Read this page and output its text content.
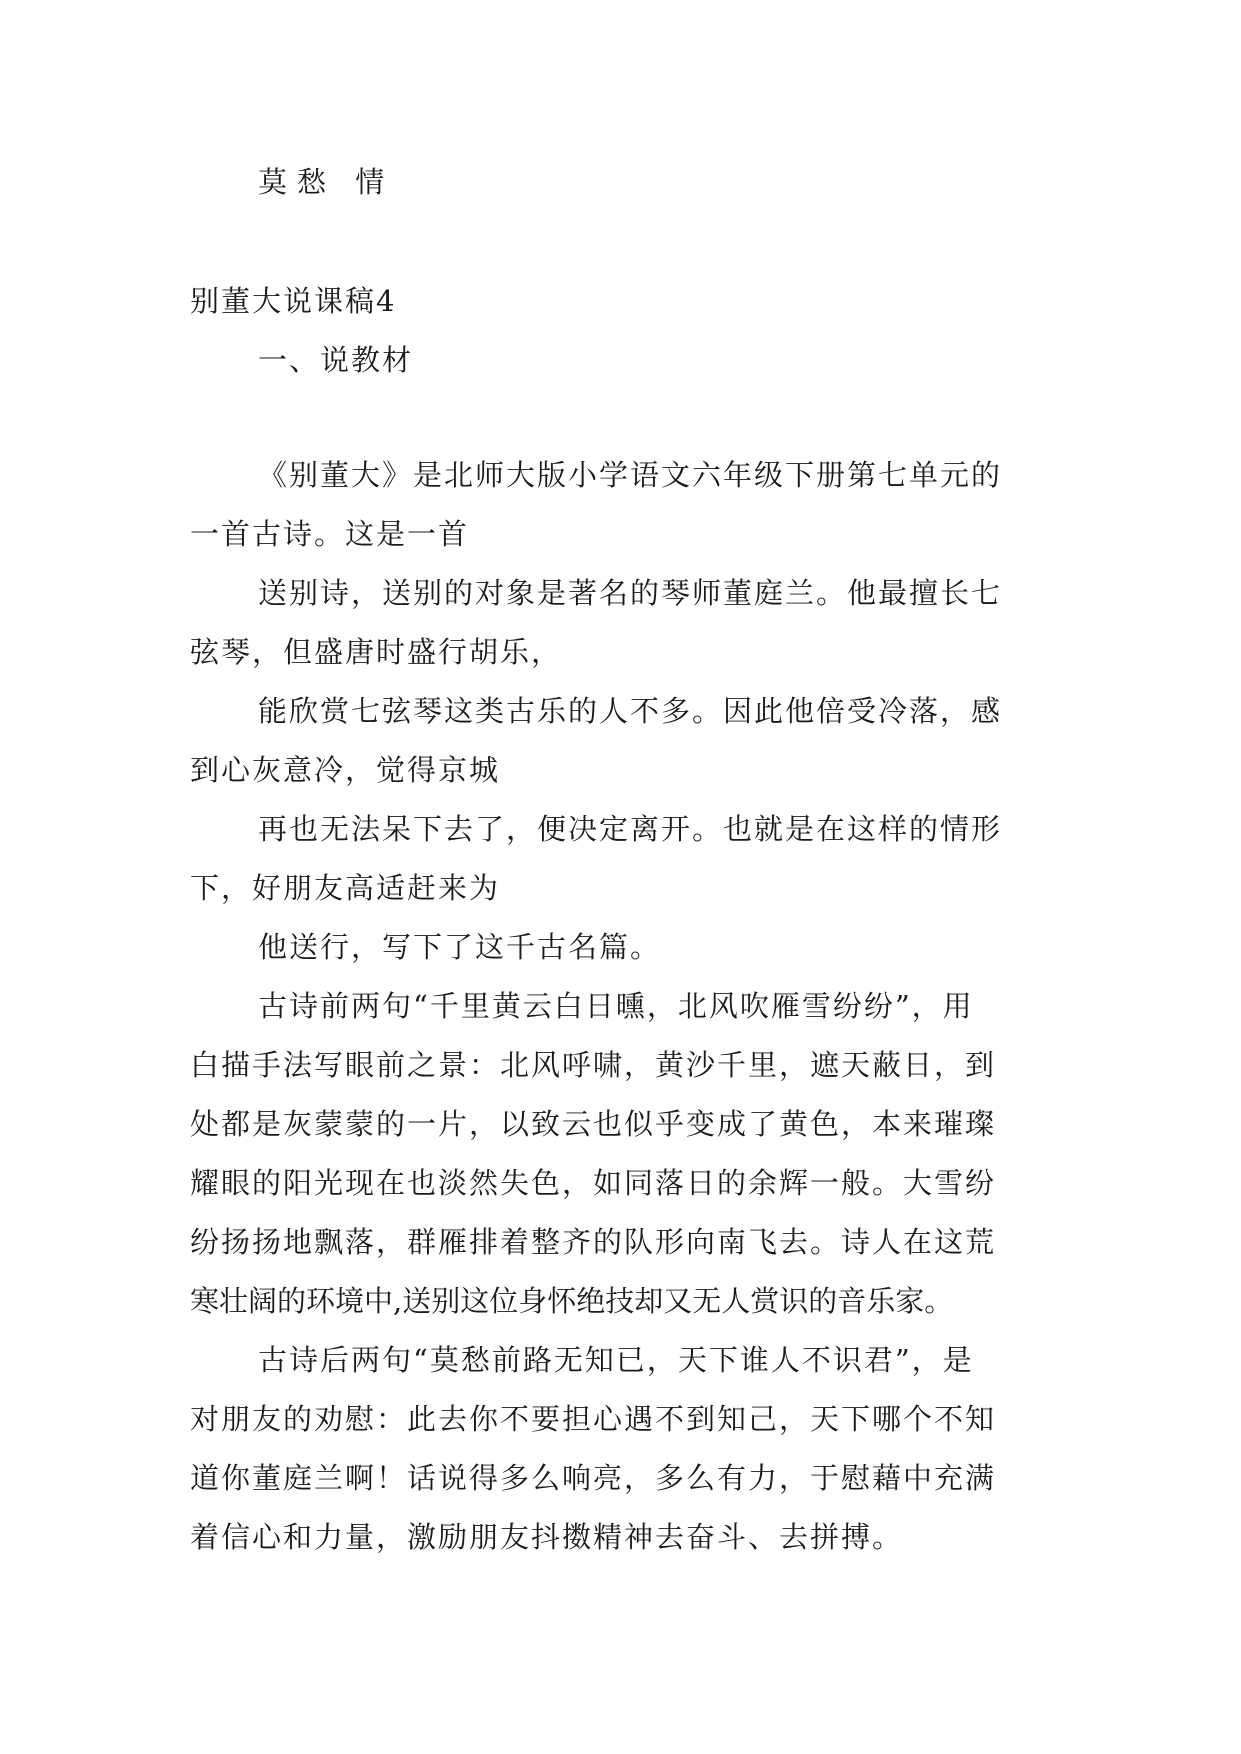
莫愁 情
别董大说课稿4
一、说教材
《别董大》是北师大版小学语文六年级下册第七单元的
一首古诗。这是一首
送别诗，送别的对象是著名的琴师董庭兰。他最擅长七
弦琴，但盛唐时盛行胡乐，
能欣赏七弦琴这类古乐的人不多。因此他倍受冷落，感
到心灰意冷，觉得京城
再也无法呆下去了，便决定离开。也就是在这样的情形
下，好朋友高适赶来为
他送行，写下了这千古名篇。
古诗前两句“千里黄云白日曛，北风吹雁雪纷纷”，用
白描手法写眼前之景：北风呼啸，黄沙千里，遮天蔽日，到
处都是灰蒙蒙的一片，以致云也似乎变成了黄色，本来璀璨
耀眼的阳光现在也淡然失色，如同落日的余辉一般。大雪纷
纷扬扬地飘落，群雁排着整齐的队形向南飞去。诗人在这荒
寒壮阔的环境中,送别这位身怀绝技却又无人赏识的音乐家。
古诗后两句“莫愁前路无知已，天下谁人不识君”，是
对朋友的劝慰：此去你不要担心遇不到知己，天下哪个不知
道你董庭兰啊！话说得多么响亮，多么有力，于慰藉中充满
着信心和力量，激励朋友抖擞精神去奋斗、去拼搏。
